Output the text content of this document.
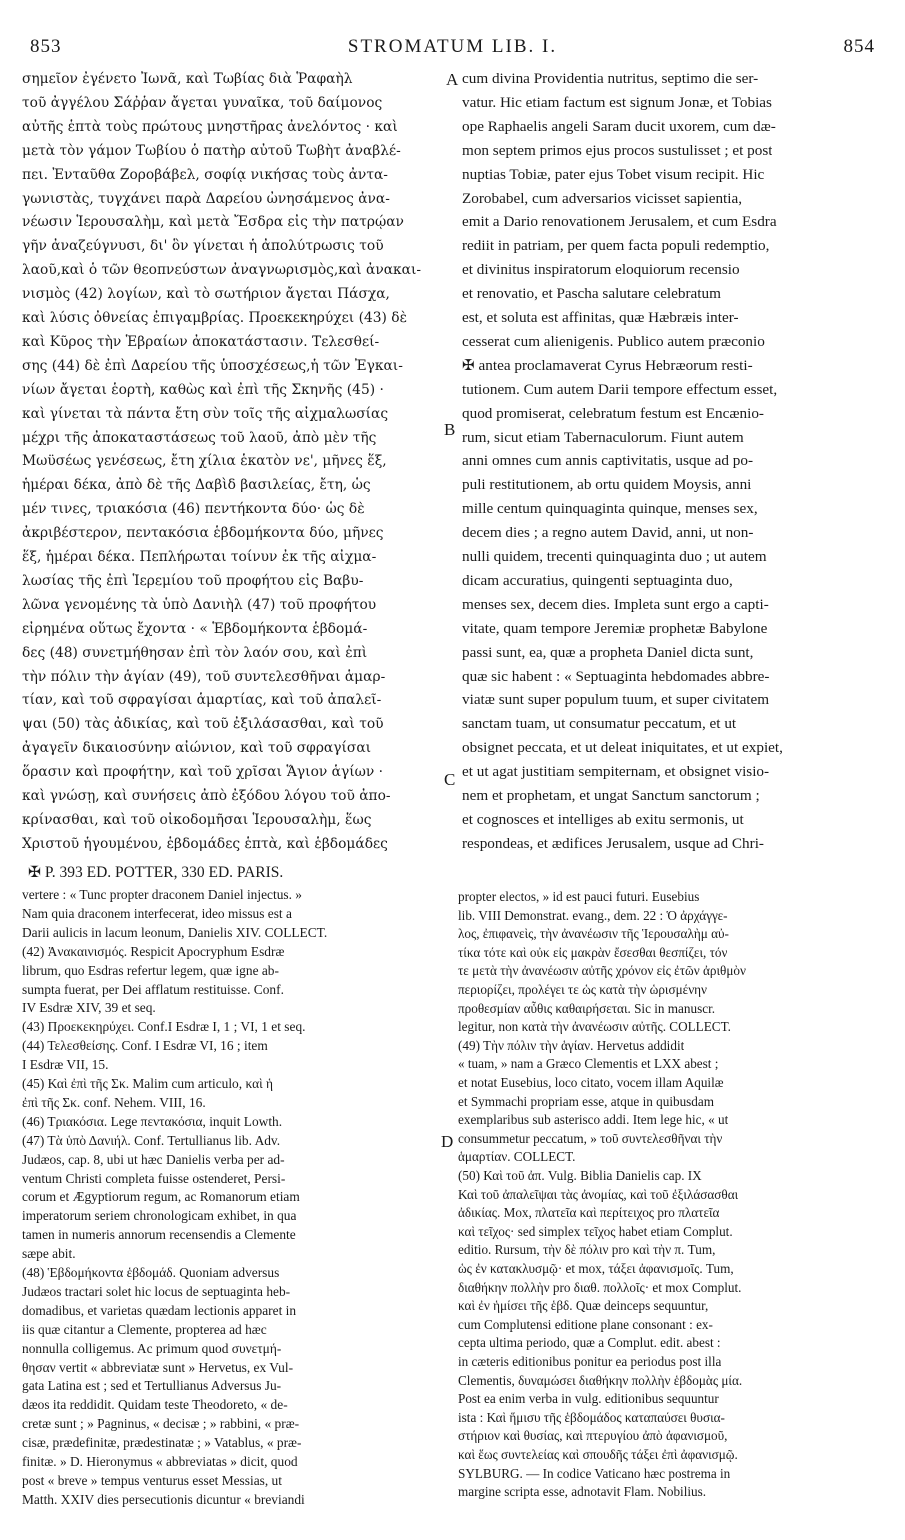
853	STROMATUM LIB. I.	854
σημεῖον ἐγένετο Ἰωνᾶ, καὶ Τωβίας διὰ Ῥαφαὴλ
τοῦ ἀγγέλου Σάῤῥαν ἄγεται γυναῖκα, τοῦ δαίμονος
αὐτῆς ἑπτὰ τοὺς πρώτους μνηστῆρας ἀνελόντος · καὶ
μετὰ τὸν γάμον Τωβίου ὁ πατὴρ αὐτοῦ Τωβὴτ ἀναβλέ-
πει. Ἐνταῦθα Ζοροβάβελ, σοφίᾳ νικήσας τοὺς ἀντα-
γωνιστὰς, τυγχάνει παρὰ Δαρείου ὠνησάμενος ἀνα-
νέωσιν Ἱερουσαλὴμ, καὶ μετὰ Ἔσδρα εἰς τὴν πατρῴαν
γῆν ἀναζεύγνυσι, δι' ὃν γίνεται ἡ ἀπολύτρωσις τοῦ
λαοῦ,καὶ ὁ τῶν θεοπνεύστων ἀναγνωρισμὸς,καὶ ἀνακαι-
νισμὸς (42) λογίων, καὶ τὸ σωτήριον ἄγεται Πάσχα,
καὶ λύσις ὀθνείας ἐπιγαμβρίας. Προεκεκηρύχει (43) δὲ
καὶ Κῦρος τὴν Ἑβραίων ἀποκατάστασιν. Τελεσθεί-
σης (44) δὲ ἐπὶ Δαρείου τῆς ὑποσχέσεως,ἡ τῶν Ἐγκαι-
νίων ἄγεται ἑορτὴ, καθὼς καὶ ἐπὶ τῆς Σκηνῆς (45) ·
καὶ γίνεται τὰ πάντα ἔτη σὺν τοῖς τῆς αἰχμαλωσίας
μέχρι τῆς ἀποκαταστάσεως τοῦ λαοῦ, ἀπὸ μὲν τῆς
Μωϋσέως γενέσεως, ἔτη χίλια ἑκατὸν νε', μῆνες ἕξ,
ἡμέραι δέκα, ἀπὸ δὲ τῆς Δαβὶδ βασιλείας, ἔτη, ὡς
μέν τινες, τριακόσια (46) πεντήκοντα δύο· ὡς δὲ
ἀκριβέστερον, πεντακόσια ἑβδομήκοντα δύο, μῆνες
ἕξ, ἡμέραι δέκα. Πεπλήρωται τοίνυν ἐκ τῆς αἰχμα-
λωσίας τῆς ἐπὶ Ἱερεμίου τοῦ προφήτου εἰς Βαβυ-
λῶνα γενομένης τὰ ὑπὸ Δανιὴλ (47) τοῦ προφήτου
εἰρημένα οὕτως ἔχοντα · « Ἑβδομήκοντα ἑβδομά-
δες (48) συνετμήθησαν ἐπὶ τὸν λαόν σου, καὶ ἐπὶ
τὴν πόλιν τὴν ἁγίαν (49), τοῦ συντελεσθῆναι ἁμαρ-
τίαν, καὶ τοῦ σφραγίσαι ἁμαρτίας, καὶ τοῦ ἀπαλεῖ-
ψαι (50) τὰς ἀδικίας, καὶ τοῦ ἐξιλάσασθαι, καὶ τοῦ
ἀγαγεῖν δικαιοσύνην αἰώνιον, καὶ τοῦ σφραγίσαι
ὅρασιν καὶ προφήτην, καὶ τοῦ χρῖσαι Ἅγιον ἁγίων ·
καὶ γνώσῃ, καὶ συνήσεις ἀπὸ ἐξόδου λόγου τοῦ ἀπο-
κρίνασθαι, καὶ τοῦ οἰκοδομῆσαι Ἱερουσαλὴμ, ἕως
Χριστοῦ ἡγουμένου, ἑβδομάδες ἑπτὰ, καὶ ἑβδομάδες
cum divina Providentia nutritus, septimo die ser-
vatur. Hic etiam factum est signum Jonæ, et Tobias
ope Raphaelis angeli Saram ducit uxorem, cum dæ-
mon septem primos ejus procos sustulisset ; et post
nuptias Tobiæ, pater ejus Tobet visum recipit. Hic
Zorobabel, cum adversarios vicisset sapientia,
emit a Dario renovationem Jerusalem, et cum Esdra
rediit in patriam, per quem facta populi redemptio,
et divinitus inspiratorum eloquiorum recensio
et renovatio, et Pascha salutare celebratum
est, et soluta est affinitas, quæ Hæbræis inter-
cesserat cum alienigenis. Publico autem præconio
✠ antea proclamaverat Cyrus Hebræorum resti-
tutionem. Cum autem Darii tempore effectum esset,
quod promiserat, celebratum festum est Encænio-
rum, sicut etiam Tabernaculorum. Fiunt autem
anni omnes cum annis captivitatis, usque ad po-
puli restitutionem, ab ortu quidem Moysis, anni
mille centum quinquaginta quinque, menses sex,
decem dies ; a regno autem David, anni, ut non-
nulli quidem, trecenti quinquaginta duo ; ut autem
dicam accuratius, quingenti septuaginta duo,
menses sex, decem dies. Impleta sunt ergo a capti-
vitate, quam tempore Jeremiæ prophetæ Babylone
passi sunt, ea, quæ a propheta Daniel dicta sunt,
quæ sic habent : « Septuaginta hebdomades abbre-
viatæ sunt super populum tuum, et super civitatem
sanctam tuam, ut consumatur peccatum, et ut
obsignet peccata, et ut deleat iniquitates, et ut expiet,
et ut agat justitiam sempiternam, et obsignet visio-
nem et prophetam, et ungat Sanctum sanctorum ;
et cognosces et intelliges ab exitu sermonis, ut
respondeas, et ædifices Jerusalem, usque ad Chri-
A
B
C
D
✠ P. 393 ED. POTTER, 330 ED. PARIS.
vertere : « Tunc propter draconem Daniel injectus. »
Nam quia draconem interfecerat, ideo missus est a
Darii aulicis in lacum leonum, Danielis XIV. COLLECT.
(42) Ἀνακαινισμός. Respicit Apocryphum Esdræ
librum, quo Esdras refertur legem, quæ igne ab-
sumpta fuerat, per Dei afflatum restituisse. Conf.
IV Esdræ XIV, 39 et seq.
(43) Προεκεκηρύχει. Conf.I Esdræ I, 1 ; VI, 1 et seq.
(44) Τελεσθείσης. Conf. I Esdræ VI, 16 ; item
I Esdræ VII, 15.
(45) Καὶ ἐπὶ τῆς Σκ. Malim cum articulo, καὶ ἡ
ἐπὶ τῆς Σκ. conf. Nehem. VIII, 16.
(46) Τριακόσια. Lege πεντακόσια, inquit Lowth.
(47) Τὰ ὑπὸ Δανιήλ. Conf. Tertullianus lib. Adv.
Judæos, cap. 8, ubi ut hæc Danielis verba per ad-
ventum Christi completa fuisse ostenderet, Persi-
corum et Ægyptiorum regum, ac Romanorum etiam
imperatorum seriem chronologicam exhibet, in qua
tamen in numeris annorum recensendis a Clemente
sæpe abit.
(48) Ἑβδομήκοντα ἑβδομάδ. Quoniam adversus
Judæos tractari solet hic locus de septuaginta heb-
domadibus, et varietas quædam lectionis apparet in
iis quæ citantur a Clemente, propterea ad hæc
nonnulla colligemus. Ac primum quod συνετμή-
θησαν vertit « abbreviatæ sunt » Hervetus, ex Vul-
gata Latina est ; sed et Tertullianus Adversus Ju-
dæos ita reddidit. Quidam teste Theodoreto, « de-
cretæ sunt ; » Pagninus, « decisæ ; » rabbini, « præ-
cisæ, prædefinitæ, prædestinatæ ; » Vatablus, « præ-
finitæ. » D. Hieronymus « abbreviatas » dicit, quod
post « breve » tempus venturus esset Messias, ut
Matth. XXIV dies persecutionis dicuntur « breviandi
propter electos, » id est pauci futuri. Eusebius
lib. VIII Demonstrat. evang., dem. 22 : Ὁ ἀρχάγγε-
λος, ἐπιφανεὶς, τὴν ἀνανέωσιν τῆς Ἱερουσαλὴμ αὐ-
τίκα τότε καὶ οὐκ εἰς μακρὰν ἔσεσθαι θεσπίζει, τόν
τε μετὰ τὴν ἀνανέωσιν αὐτῆς χρόνον εἰς ἐτῶν ἀριθμὸν
περιορίζει, προλέγει τε ὡς κατὰ τὴν ὡρισμένην
προθεσμίαν αὖθις καθαιρήσεται. Sic in manuscr.
legitur, non κατὰ τὴν ἀνανέωσιν αὐτῆς. COLLECT.
(49) Τὴν πόλιν τὴν ἁγίαν. Hervetus addidit
« tuam, » nam a Græco Clementis et LXX abest ;
et notat Eusebius, loco citato, vocem illam Aquilæ
et Symmachi propriam esse, atque in quibusdam
exemplaribus sub asterisco addi. Item lege hic, « ut
consummetur peccatum, » τοῦ συντελεσθῆναι τὴν
ἁμαρτίαν. COLLECT.
(50) Καὶ τοῦ ἀπ. Vulg. Biblia Danielis cap. IX
Καὶ τοῦ ἀπαλεῖψαι τὰς ἀνομίας, καὶ τοῦ ἐξιλάσασθαι
ἀδικίας. Mox, πλατεῖα καὶ περίτειχος pro πλατεῖα
καὶ τεῖχος· sed simplex τεῖχος habet etiam Complut.
editio. Rursum, τὴν δὲ πόλιν pro καὶ τὴν π. Tum,
ὡς ἐν κατακλυσμῷ· et mox, τάξει ἀφανισμοῖς. Tum,
διαθήκην πολλὴν pro διαθ. πολλοῖς· et mox Complut.
καὶ ἐν ἡμίσει τῆς ἑβδ. Quæ deinceps sequuntur,
cum Complutensi editione plane consonant : ex-
cepta ultima periodo, quæ a Complut. edit. abest :
in cæteris editionibus ponitur ea periodus post illa
Clementis, δυναμώσει διαθήκην πολλὴν ἑβδομὰς μία.
Post ea enim verba in vulg. editionibus sequuntur
ista : Καὶ ἥμισυ τῆς ἑβδομάδος καταπαύσει θυσια-
στήριον καὶ θυσίας, καὶ πτερυγίου ἀπὸ ἀφανισμοῦ,
καὶ ἕως συντελείας καὶ σπουδῆς τάξει ἐπὶ ἀφανισμῷ.
SYLBURG. — In codice Vaticano hæc postrema in
margine scripta esse, adnotavit Flam. Nobilius.
